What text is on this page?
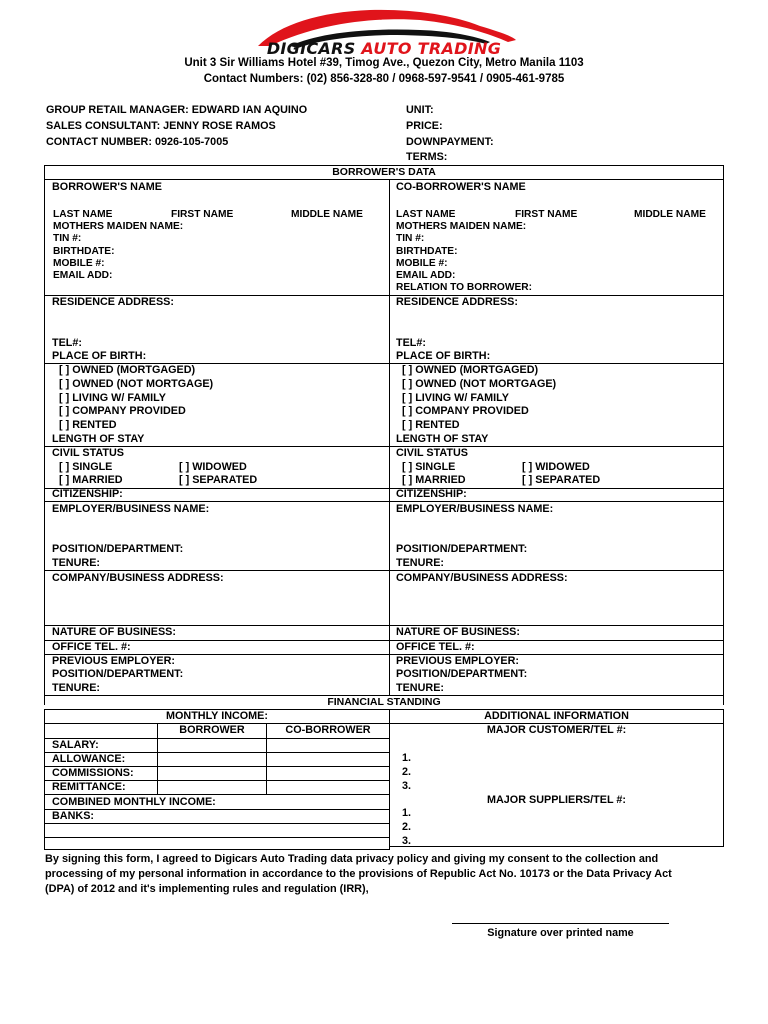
DIGICARS AUTO TRADING
Unit 3 Sir Williams Hotel #39, Timog Ave., Quezon City, Metro Manila 1103
Contact Numbers: (02) 856-328-80 / 0968-597-9541 / 0905-461-9785
GROUP RETAIL MANAGER: EDWARD IAN AQUINO
SALES CONSULTANT: JENNY ROSE RAMOS
CONTACT NUMBER: 0926-105-7005
UNIT:
PRICE:
DOWNPAYMENT:
TERMS:
BORROWER'S DATA
BORROWER'S NAME
LAST NAME	FIRST NAME	MIDDLE NAME
MOTHERS MAIDEN NAME:
TIN #:
BIRTHDATE:
MOBILE #:
EMAIL ADD:
RESIDENCE ADDRESS:
TEL#:
PLACE OF BIRTH:
[ ] OWNED (MORTGAGED)
[ ] OWNED (NOT MORTGAGE)
[ ] LIVING W/ FAMILY
[ ] COMPANY PROVIDED
[ ] RENTED
LENGTH OF STAY
CIVIL STATUS
[ ] SINGLE	[ ] WIDOWED
[ ] MARRIED	[ ] SEPARATED
CITIZENSHIP:
EMPLOYER/BUSINESS NAME:
POSITION/DEPARTMENT:
TENURE:
COMPANY/BUSINESS ADDRESS:
NATURE OF BUSINESS:
OFFICE TEL. #:
PREVIOUS EMPLOYER:
POSITION/DEPARTMENT:
TENURE:
CO-BORROWER'S NAME
LAST NAME	FIRST NAME	MIDDLE NAME
MOTHERS MAIDEN NAME:
TIN #:
BIRTHDATE:
MOBILE #:
EMAIL ADD:
RELATION TO BORROWER:
RESIDENCE ADDRESS:
TEL#:
PLACE OF BIRTH:
[ ] OWNED (MORTGAGED)
[ ] OWNED (NOT MORTGAGE)
[ ] LIVING W/ FAMILY
[ ] COMPANY PROVIDED
[ ] RENTED
LENGTH OF STAY
CIVIL STATUS
[ ] SINGLE	[ ] WIDOWED
[ ] MARRIED	[ ] SEPARATED
CITIZENSHIP:
EMPLOYER/BUSINESS NAME:
POSITION/DEPARTMENT:
TENURE:
COMPANY/BUSINESS ADDRESS:
NATURE OF BUSINESS:
OFFICE TEL. #:
PREVIOUS EMPLOYER:
POSITION/DEPARTMENT:
TENURE:
FINANCIAL STANDING
MONTHLY INCOME:
BORROWER	CO-BORROWER
SALARY:
ALLOWANCE:
COMMISSIONS:
REMITTANCE:
COMBINED MONTHLY INCOME:
BANKS:
ADDITIONAL INFORMATION
MAJOR CUSTOMER/TEL #:
1.
2.
3.
MAJOR SUPPLIERS/TEL #:
1.
2.
3.
By signing this form, I agreed to Digicars Auto Trading data privacy policy and giving my consent to the collection and
processing of my personal information in accordance to the provisions of Republic Act No. 10173 or the Data Privacy Act
(DPA) of 2012 and it's implementing rules and regulation (IRR),
Signature over printed name
